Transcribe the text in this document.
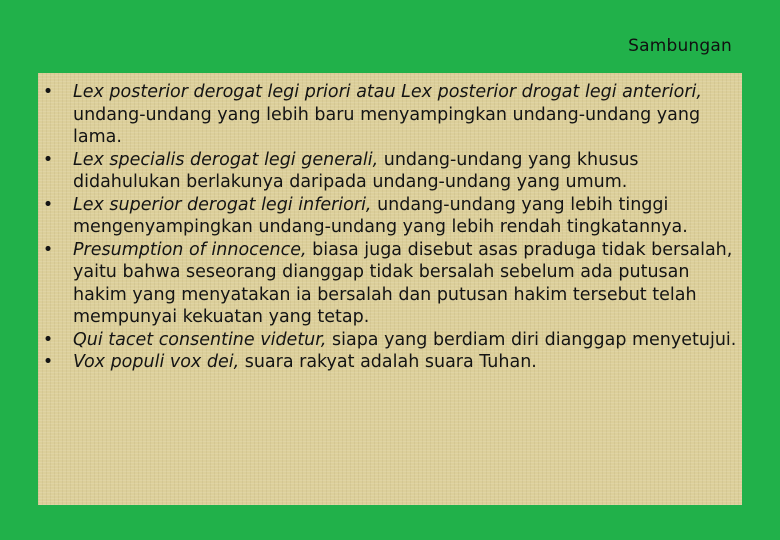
Sambungan
• Lex posterior derogat legi priori atau Lex posterior drogat legi anteriori, undang-undang yang lebih baru menyampingkan undang-undang yang lama.
• Lex specialis derogat legi generali, undang-undang yang khusus didahulukan berlakunya daripada undang-undang yang umum.
• Lex superior derogat legi inferiori, undang-undang yang lebih tinggi mengenyampingkan undang-undang yang lebih rendah tingkatannya.
• Presumption of innocence, biasa juga disebut asas praduga tidak bersalah, yaitu bahwa seseorang dianggap tidak bersalah sebelum ada putusan hakim yang menyatakan ia bersalah dan putusan hakim tersebut telah mempunyai kekuatan yang tetap.
• Qui tacet consentine videtur, siapa yang berdiam diri dianggap menyetujui.
• Vox populi vox dei, suara rakyat adalah suara Tuhan.
